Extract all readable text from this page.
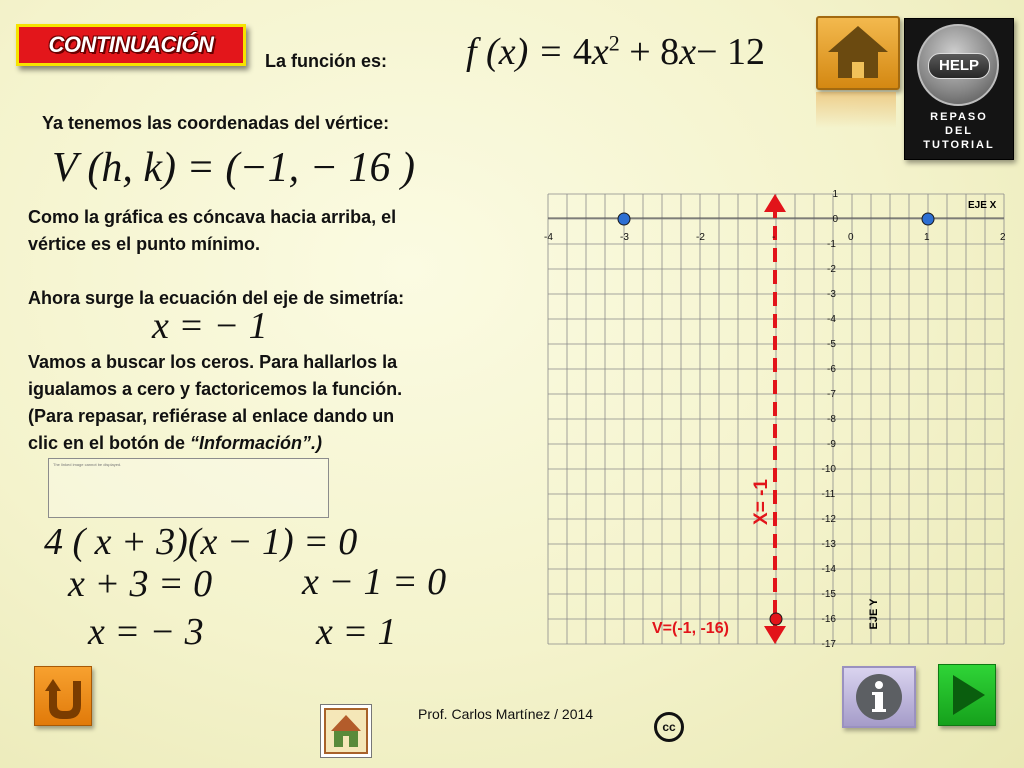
CONTINUACIÓN
La función es: f $(x) = 4x^2 + 8x- 12$	HELP
REPASO
DEL
TUTORIAL
Ya tenemos las coordenadas del vértice:
V (h, k) = (−1, − 16 )
Como la gráfica es cóncava hacia arriba, el
vértice es el punto mínimo.
Ahora surge la ecuación del eje de simetría:
x = − 1
Vamos a buscar los ceros. Para hallarlos la
igualamos a cero y factoricemos la función.
(Para repasar, refiérase al enlace dando un
clic en el botón de “Información”.)
The linked image cannot be displayed.
4 ( x + 3)(x − 1) = 0
x + 3 = 0
x = − 3
x − 1 = 0
x = 1
-4	-3	-2	-	0	1	2
1
0
-1
-2
-3
-4
-5
-6
-7
-8
-9
-10
-11
-12
-13
-14
-15
-16
-17
EJE X
X= -1
EJE Y
V=(-1, -16)
Prof. Carlos Martínez / 2014
cc
